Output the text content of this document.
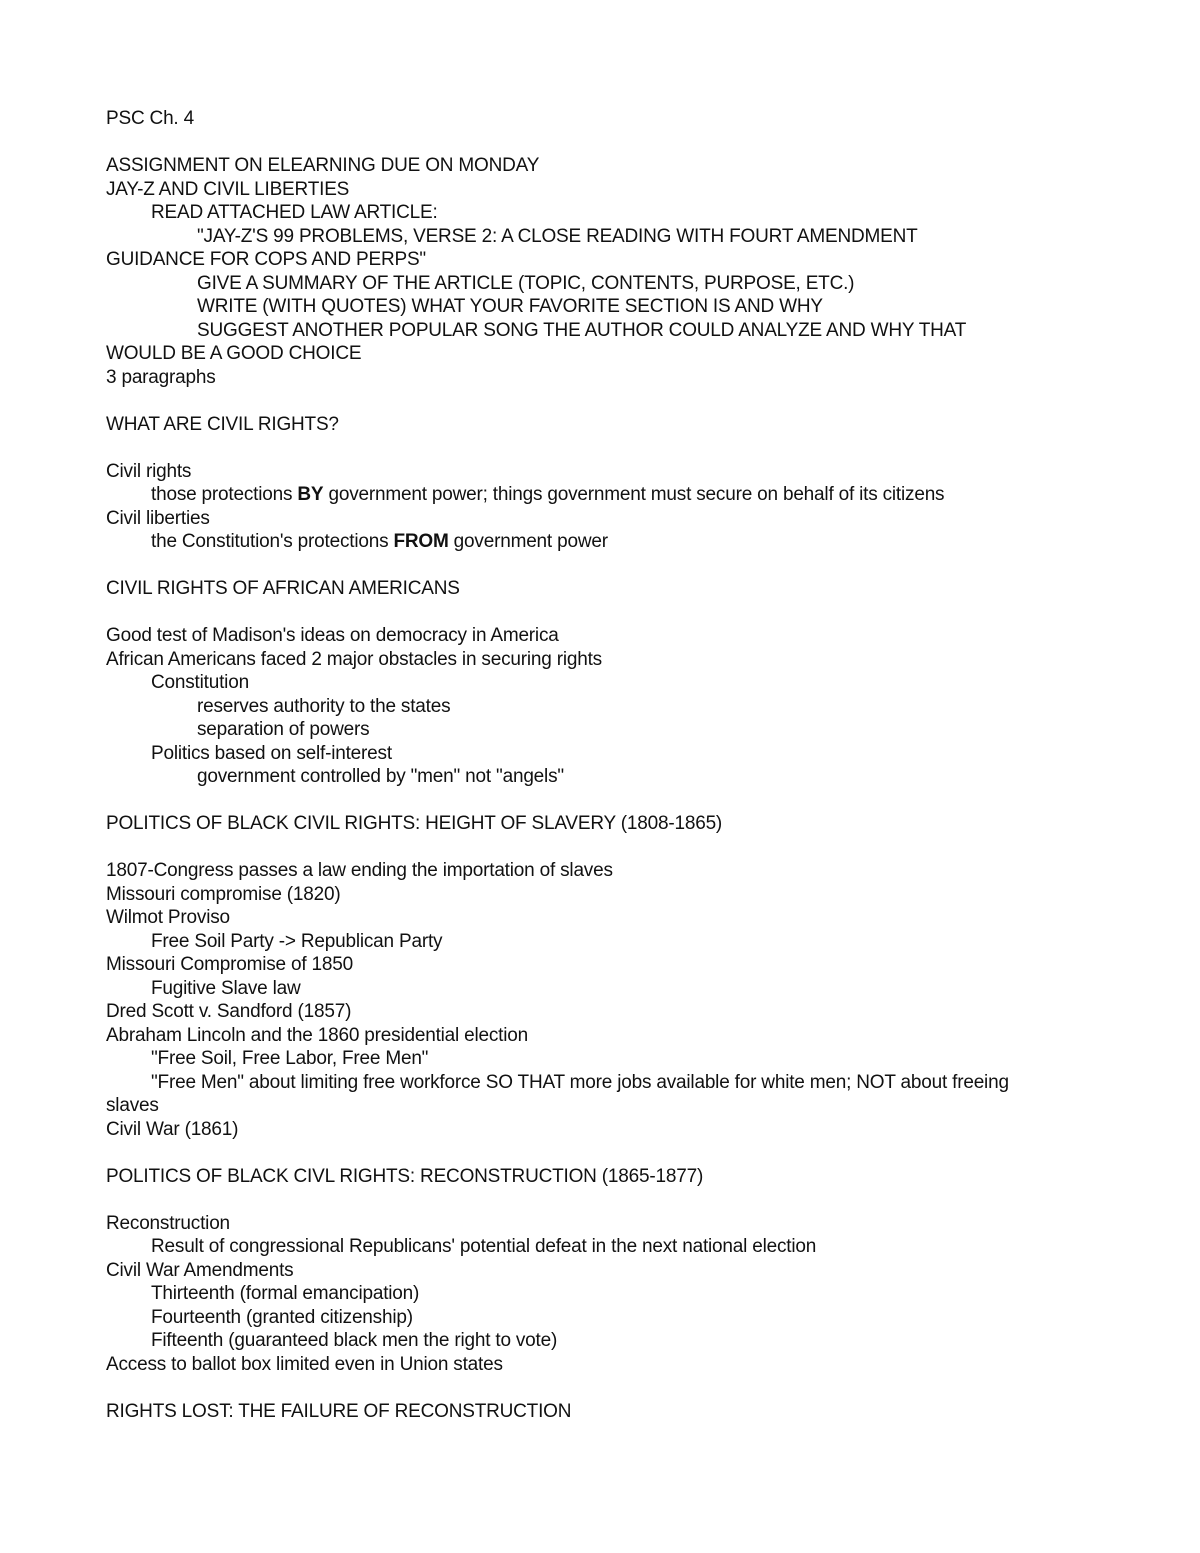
PSC Ch. 4
ASSIGNMENT ON ELEARNING DUE ON MONDAY
JAY-Z AND CIVIL LIBERTIES
READ ATTACHED LAW ARTICLE:
"JAY-Z'S 99 PROBLEMS, VERSE 2: A CLOSE READING WITH FOURT AMENDMENT
GUIDANCE FOR COPS AND PERPS"
GIVE A SUMMARY OF THE ARTICLE (TOPIC, CONTENTS, PURPOSE, ETC.)
WRITE (WITH QUOTES) WHAT YOUR FAVORITE SECTION IS AND WHY
SUGGEST ANOTHER POPULAR SONG THE AUTHOR COULD ANALYZE AND WHY THAT
WOULD BE A GOOD CHOICE
3 paragraphs
WHAT ARE CIVIL RIGHTS?
Civil rights
those protections BY government power; things government must secure on behalf of its citizens
Civil liberties
the Constitution's protections FROM government power
CIVIL RIGHTS OF AFRICAN AMERICANS
Good test of Madison's ideas on democracy in America
African Americans faced 2 major obstacles in securing rights
Constitution
reserves authority to the states
separation of powers
Politics based on self-interest
government controlled by "men" not "angels"
POLITICS OF BLACK CIVIL RIGHTS: HEIGHT OF SLAVERY (1808-1865)
1807-Congress passes a law ending the importation of slaves
Missouri compromise (1820)
Wilmot Proviso
Free Soil Party -> Republican Party
Missouri Compromise of 1850
Fugitive Slave law
Dred Scott v. Sandford (1857)
Abraham Lincoln and the 1860 presidential election
"Free Soil, Free Labor, Free Men"
"Free Men" about limiting free workforce SO THAT more jobs available for white men; NOT about freeing
slaves
Civil War (1861)
POLITICS OF BLACK CIVL RIGHTS: RECONSTRUCTION (1865-1877)
Reconstruction
Result of congressional Republicans' potential defeat in the next national election
Civil War Amendments
Thirteenth (formal emancipation)
Fourteenth (granted citizenship)
Fifteenth (guaranteed black men the right to vote)
Access to ballot box limited even in Union states
RIGHTS LOST: THE FAILURE OF RECONSTRUCTION
